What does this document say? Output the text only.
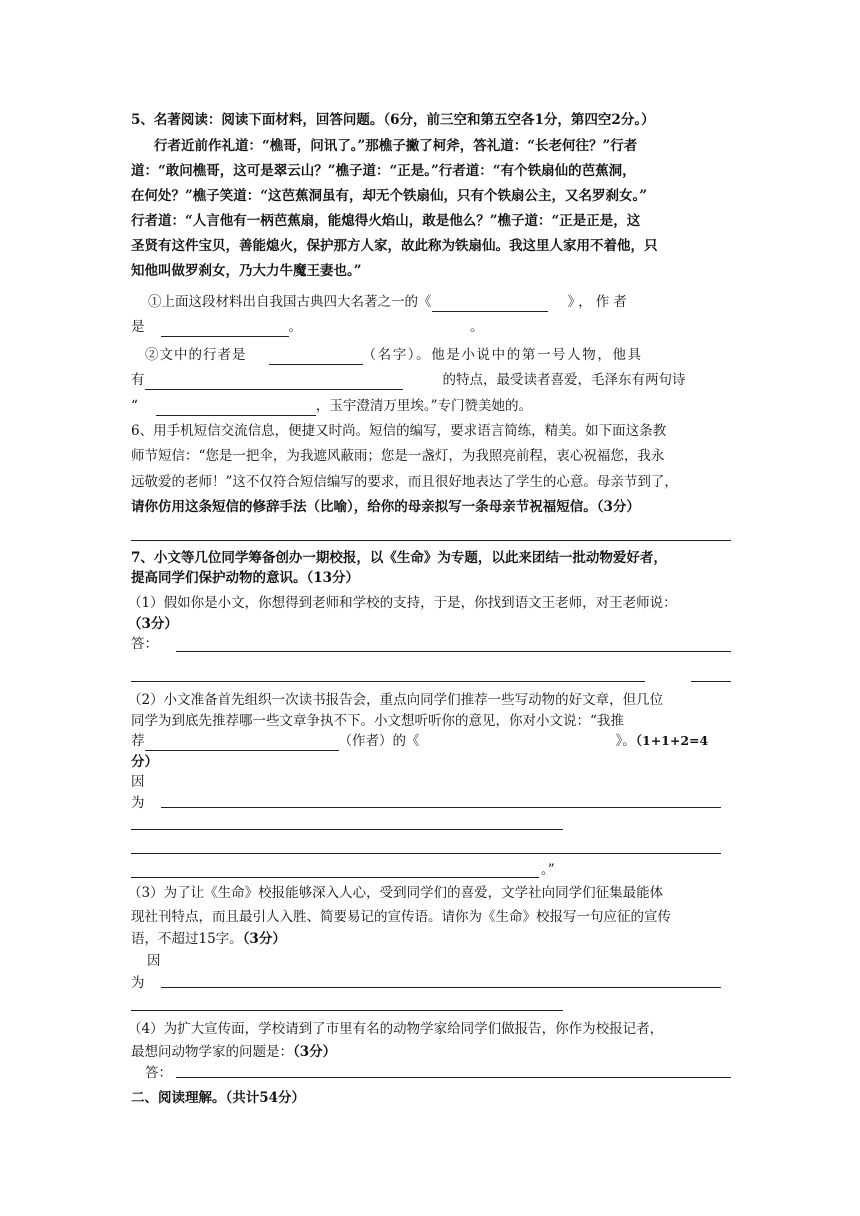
5、名著阅读：阅读下面材料，回答问题。（6分，前三空和第五空各1分，第四空2分。）
行者近前作礼道：“樵哥，问讯了。”那樵子撇了柯斧，答礼道：“长老何往？”行者
道：“敢问樵哥，这可是翠云山？”樵子道：“正是。”行者道：“有个铁扇仙的芭蕉洞，
在何处？”樵子笑道：“这芭蕉洞虽有，却无个铁扇仙，只有个铁扇公主，又名罗刹女。”
行者道：“人言他有一柄芭蕉扇，能熄得火焰山，敢是他么？”樵子道：“正是正是，这
圣贤有这件宝贝，善能熄火，保护那方人家，故此称为铁扇仙。我这里人家用不着他，只
知他叫做罗刹女，乃大力牛魔王妻也。”
①上面这段材料出自我国古典四大名著之一的《	》，作者
是	。	。
②文中的行者是	（名字）。他是小说中的第一号人物，他具
有	的特点，最受读者喜爱，毛泽东有两句诗
“	，玉宇澄清万里埃。”专门赞美她的。
6、用手机短信交流信息，便捷又时尚。短信的编写，要求语言简练，精美。如下面这条教
师节短信：“您是一把伞，为我遮风蔽雨；您是一盏灯，为我照亮前程，衷心祝福您，我永
远敬爱的老师！”这不仅符合短信编写的要求，而且很好地表达了学生的心意。母亲节到了，
请你仿用这条短信的修辞手法（比喻），给你的母亲拟写一条母亲节祝福短信。（3分）
7、小文等几位同学筹备创办一期校报，以《生命》为专题，以此来团结一批动物爱好者，
提高同学们保护动物的意识。（13分）
（1）假如你是小文，你想得到老师和学校的支持，于是，你找到语文王老师，对王老师说：
（3分）
答：
（2）小文准备首先组织一次读书报告会，重点向同学们推荐一些写动物的好文章，但几位
同学为到底先推荐哪一些文章争执不下。小文想听听你的意见，你对小文说：“我推
荐	（作者）的《	》。（1+1+2=4
分）
因
为
。”
（3）为了让《生命》校报能够深入人心，受到同学们的喜爱，文学社向同学们征集最能体
现社刊特点，而且最引人入胜、简要易记的宣传语。请你为《生命》校报写一句应征的宣传
语，不超过15字。（3分）
因
为
（4）为扩大宣传面，学校请到了市里有名的动物学家给同学们做报告，你作为校报记者，
最想问动物学家的问题是：（3分）
答：
二、阅读理解。（共计54分）
